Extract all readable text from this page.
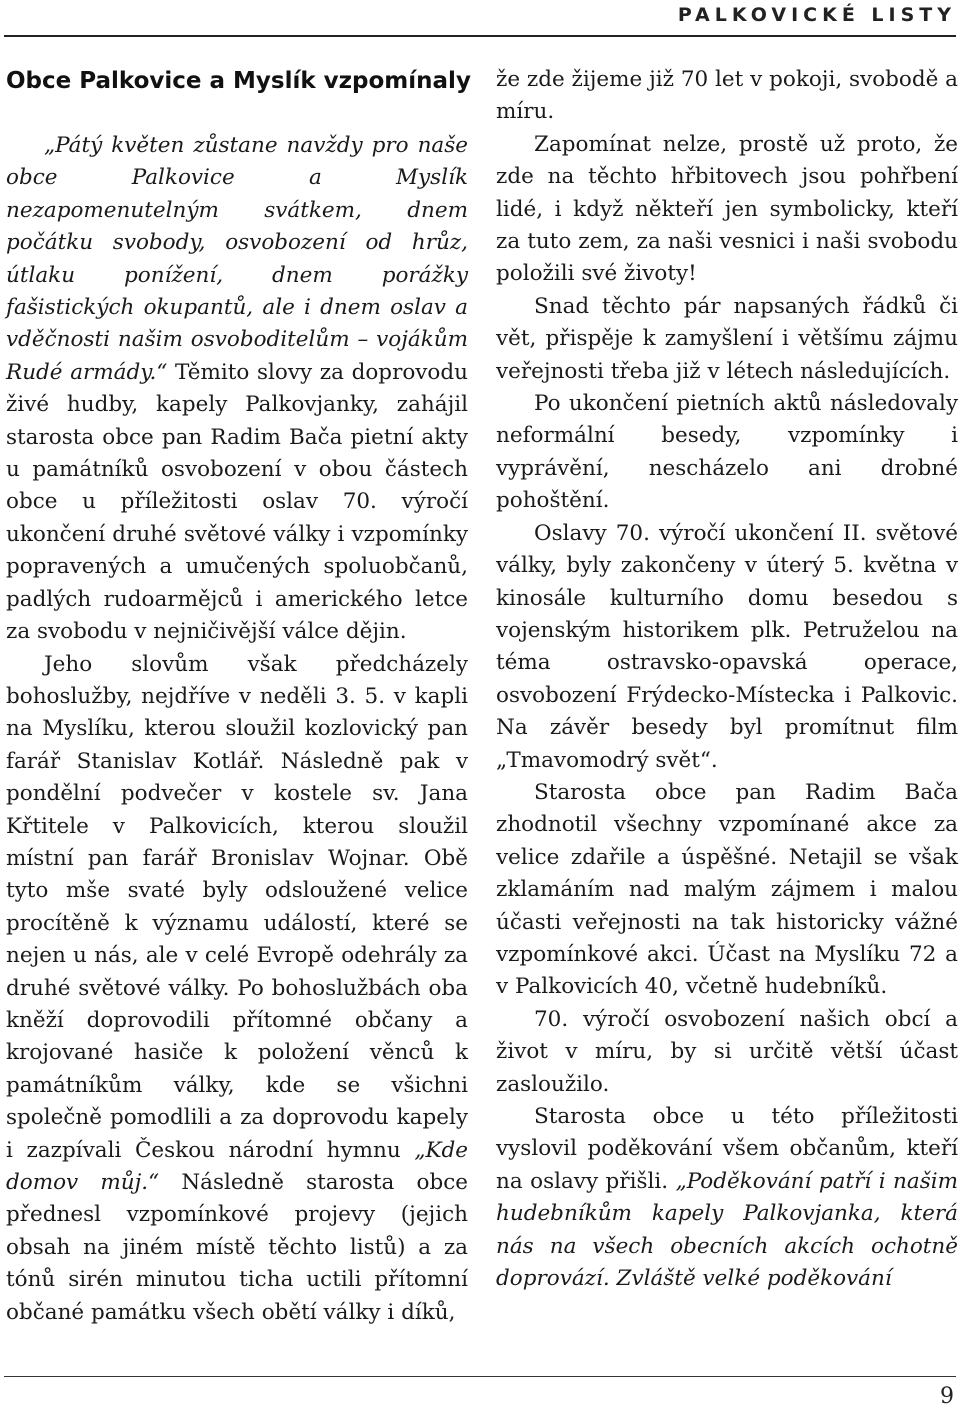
PALKOVICKÉ LISTY
Obce Palkovice a Myslík vzpomínaly

„Pátý květen zůstane navždy pro naše obce Palkovice a Myslík nezapomenutelným svátkem, dnem počátku svobody, osvobození od hrůz, útlaku ponížení, dnem porážky fašistických okupantů, ale i dnem oslav a vděčnosti našim osvoboditelům – vojákům Rudé armády.“ Těmito slovy za doprovodu živé hudby, kapely Palkovjanky, zahájil starosta obce pan Radim Bača pietní akty u památníků osvobození v obou částech obce u příležitosti oslav 70. výročí ukončení druhé světové války i vzpomínky popravených a umučených spoluobčanů, padlých rudoarmějců i amerického letce za svobodu v nejničivější válce dějin.

Jeho slovům však předcházely bohoslužby, nejdříve v neděli 3. 5. v kapli na Myslíku, kterou sloužil kozlovický pan farář Stanislav Kotlář. Následně pak v pondělní podvečer v kostele sv. Jana Křtitele v Palkovicích, kterou sloužil místní pan farář Bronislav Wojnar. Obě tyto mše svaté byly odsloužené velice procítěně k významu událostí, které se nejen u nás, ale v celé Evropě odehrály za druhé světové války. Po bohoslužbách oba kněží doprovodili přítomné občany a krojované hasiče k položení věnců k památníkům války, kde se všichni společně pomodlili a za doprovodu kapely i zazpívali Českou národní hymnu „Kde domov můj.“ Následně starosta obce přednesl vzpomínkové projevy (jejich obsah na jiném místě těchto listů) a za tónů sirén minutou ticha uctili přítomní občané památku všech obětí války i díků,

že zde žijeme již 70 let v pokoji, svobodě a míru.

Zapomínat nelze, prostě už proto, že zde na těchto hřbitovech jsou pohřbení lidé, i když někteří jen symbolicky, kteří za tuto zem, za naši vesnici i naši svobodu položili své životy!

Snad těchto pár napsaných řádků či vět, přispěje k zamyšlení i většímu zájmu veřejnosti třeba již v létech následujících.

Po ukončení pietních aktů následovaly neformální besedy, vzpomínky i vyprávění, nescházelo ani drobné pohoštění.

Oslavy 70. výročí ukončení II. světové války, byly zakončeny v úterý 5. května v kinosále kulturního domu besedou s vojenským historikem plk. Petruželou na téma ostravsko-opavská operace, osvobození Frýdecko-Místecka i Palkovic. Na závěr besedy byl promítnut film „Tmavomodrý svět“.

Starosta obce pan Radim Bača zhodnotil všechny vzpomínané akce za velice zdařile a úspěšné. Netajil se však zklamáním nad malým zájmem i malou účasti veřejnosti na tak historicky vážné vzpomínkové akci. Účast na Myslíku 72 a v Palkovicích 40, včetně hudebníků.

70. výročí osvobození našich obcí a život v míru, by si určitě větší účast zasloužilo.

Starosta obce u této příležitosti vyslovil poděkování všem občanům, kteří na oslavy přišli. „Poděkování patří i našim hudebníkům kapely Palkovjanka, která nás na všech obecních akcích ochotně doprovází. Zvláště velké poděkování

9
